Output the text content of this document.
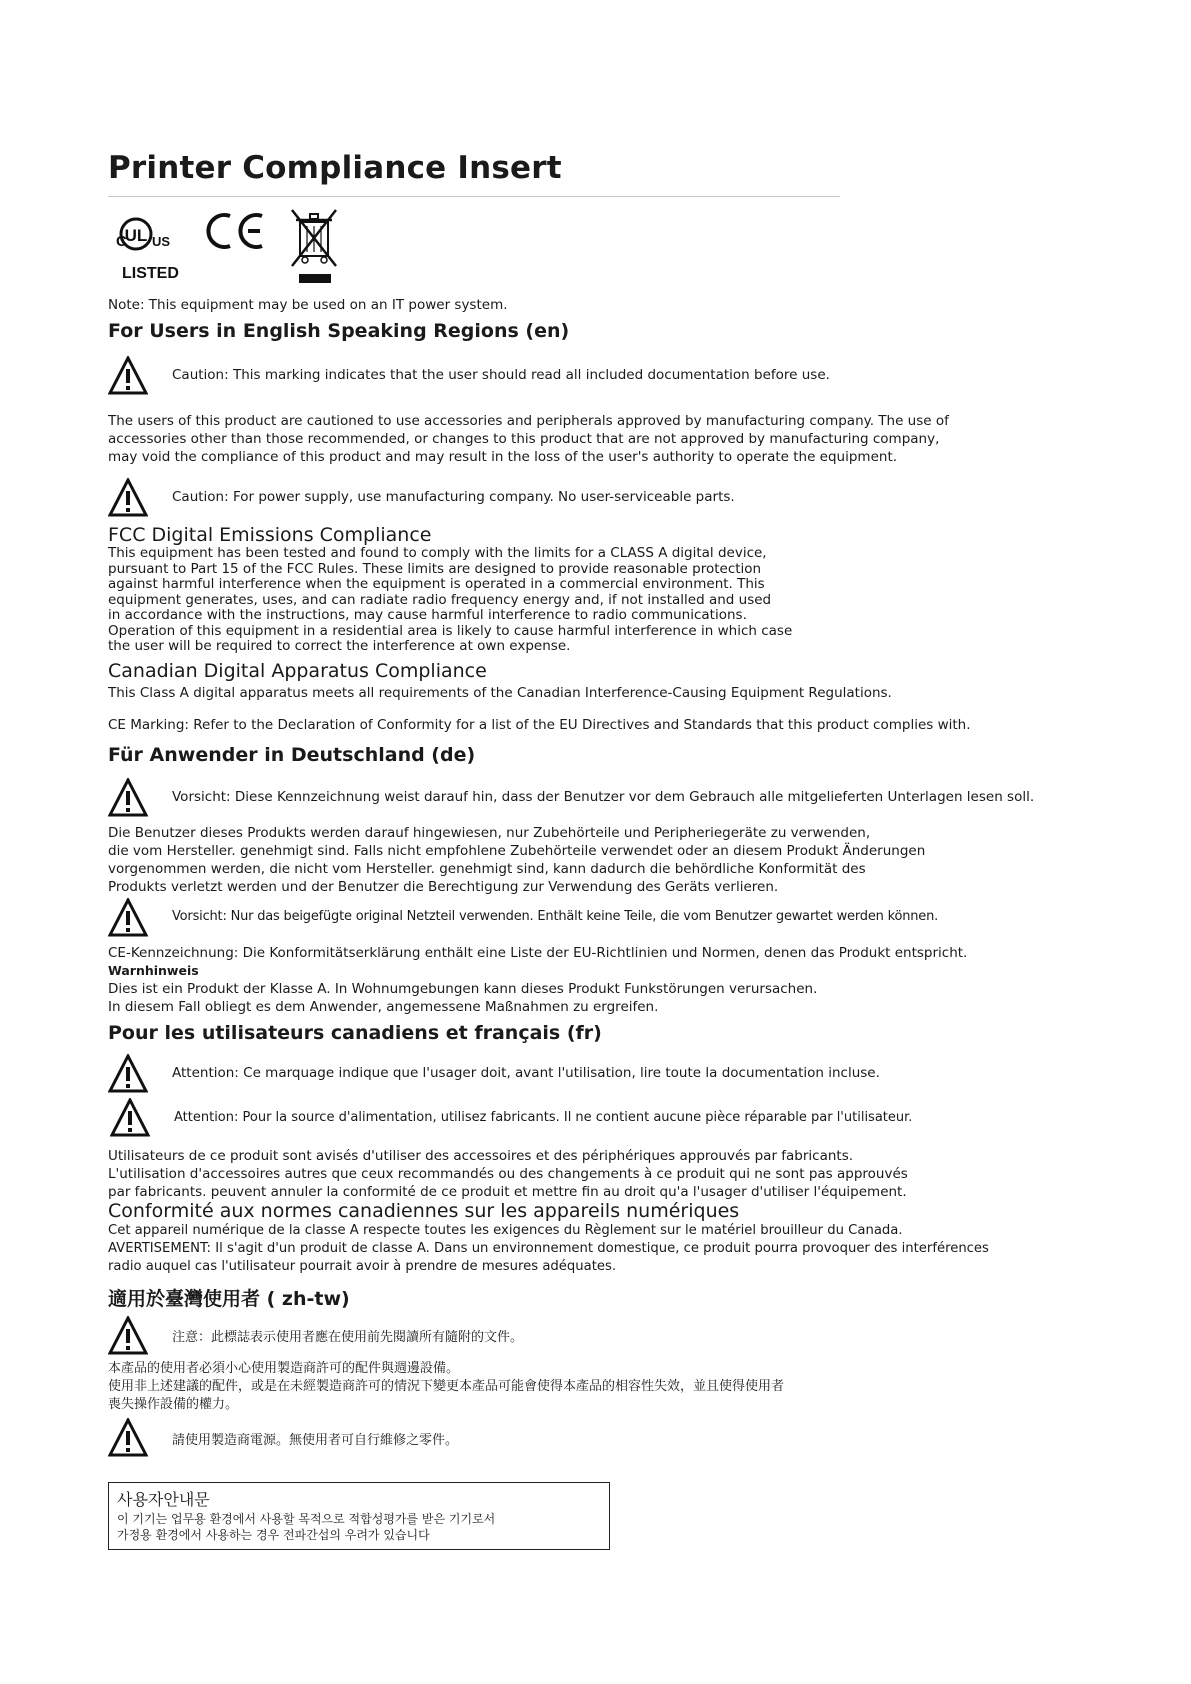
Printer Compliance Insert
UL
C US
LISTED
Note: This equipment may be used on an IT power system.
For Users in English Speaking Regions (en)
Caution: This marking indicates that the user should read all included documentation before use.
The users of this product are cautioned to use accessories and peripherals approved by manufacturing company. The use of
accessories other than those recommended, or changes to this product that are not approved by manufacturing company,
may void the compliance of this product and may result in the loss of the user's authority to operate the equipment.
Caution: For power supply, use manufacturing company. No user-serviceable parts.
FCC Digital Emissions Compliance
This equipment has been tested and found to comply with the limits for a CLASS A digital device,
pursuant to Part 15 of the FCC Rules. These limits are designed to provide reasonable protection
against harmful interference when the equipment is operated in a commercial environment. This
equipment generates, uses, and can radiate radio frequency energy and, if not installed and used
in accordance with the instructions, may cause harmful interference to radio communications.
Operation of this equipment in a residential area is likely to cause harmful interference in which case
the user will be required to correct the interference at own expense.
Canadian Digital Apparatus Compliance
This Class A digital apparatus meets all requirements of the Canadian Interference-Causing Equipment Regulations.
CE Marking: Refer to the Declaration of Conformity for a list of the EU Directives and Standards that this product complies with.
Für Anwender in Deutschland (de)
Vorsicht: Diese Kennzeichnung weist darauf hin, dass der Benutzer vor dem Gebrauch alle mitgelieferten Unterlagen lesen soll.
Die Benutzer dieses Produkts werden darauf hingewiesen, nur Zubehörteile und Peripheriegeräte zu verwenden,
die vom Hersteller. genehmigt sind. Falls nicht empfohlene Zubehörteile verwendet oder an diesem Produkt Änderungen
vorgenommen werden, die nicht vom Hersteller. genehmigt sind, kann dadurch die behördliche Konformität des
Produkts verletzt werden und der Benutzer die Berechtigung zur Verwendung des Geräts verlieren.
Vorsicht: Nur das beigefügte original Netzteil verwenden. Enthält keine Teile, die vom Benutzer gewartet werden können.
CE-Kennzeichnung: Die Konformitätserklärung enthält eine Liste der EU-Richtlinien und Normen, denen das Produkt entspricht.
Warnhinweis
Dies ist ein Produkt der Klasse A. In Wohnumgebungen kann dieses Produkt Funkstörungen verursachen.
In diesem Fall obliegt es dem Anwender, angemessene Maßnahmen zu ergreifen.
Pour les utilisateurs canadiens et français (fr)
Attention: Ce marquage indique que l'usager doit, avant l'utilisation, lire toute la documentation incluse.
Attention: Pour la source d'alimentation, utilisez fabricants. Il ne contient aucune pièce réparable par l'utilisateur.
Utilisateurs de ce produit sont avisés d'utiliser des accessoires et des périphériques approuvés par fabricants.
L'utilisation d'accessoires autres que ceux recommandés ou des changements à ce produit qui ne sont pas approuvés
par fabricants. peuvent annuler la conformité de ce produit et mettre fin au droit qu'a l'usager d'utiliser l'équipement.
Conformité aux normes canadiennes sur les appareils numériques
Cet appareil numérique de la classe A respecte toutes les exigences du Règlement sur le matériel brouilleur du Canada.
AVERTISEMENT: Il s'agit d'un produit de classe A. Dans un environnement domestique, ce produit pourra provoquer des interférences
radio auquel cas l'utilisateur pourrait avoir à prendre de mesures adéquates.
適用於臺灣使用者 ( zh-tw)
注意：此標誌表示使用者應在使用前先閱讀所有隨附的文件。
本產品的使用者必須小心使用製造商許可的配件與週邊設備。
使用非上述建議的配件，或是在未經製造商許可的情況下變更本產品可能會使得本產品的相容性失效，並且使得使用者
喪失操作設備的權力。
請使用製造商電源。無使用者可自行維修之零件。
사용자안내문
이 기기는 업무용 환경에서 사용할 목적으로 적합성평가를 받은 기기로서
가정용 환경에서 사용하는 경우 전파간섭의 우려가 있습니다
